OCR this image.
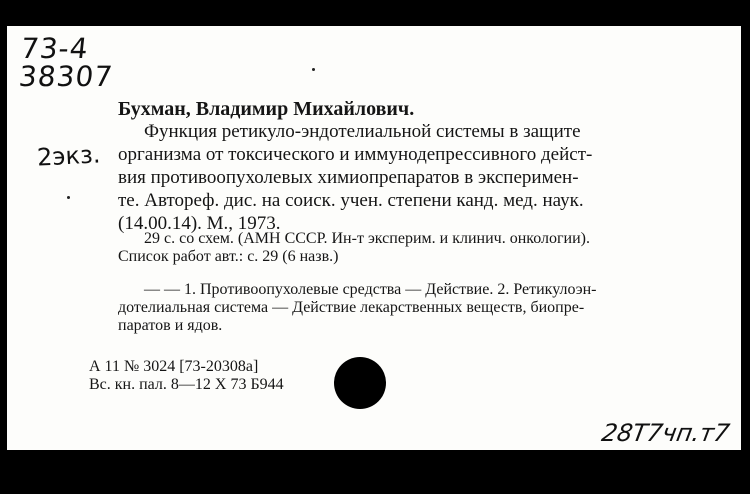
73-4
38307
2экз.
Бухман, Владимир Михайлович.
Функция ретикуло-эндотелиальной системы в защите
организма от токсического и иммунодепрессивного дейст-
вия противоопухолевых химиопрепаратов в эксперимен-
те. Автореф. дис. на соиск. учен. степени канд. мед. наук.
(14.00.14). М., 1973.
29 с. со схем. (АМН СССР. Ин-т эксперим. и клинич. онкологии).
Список работ авт.: с. 29 (6 назв.)
— — 1. Противоопухолевые средства — Действие. 2. Ретикулоэн-
дотелиальная система — Действие лекарственных веществ, биопре-
паратов и ядов.
А 11 № 3024 [73-20308а]
Вс. кн. пал. 8—12 X 73 Б944
28Т7чп.т7
